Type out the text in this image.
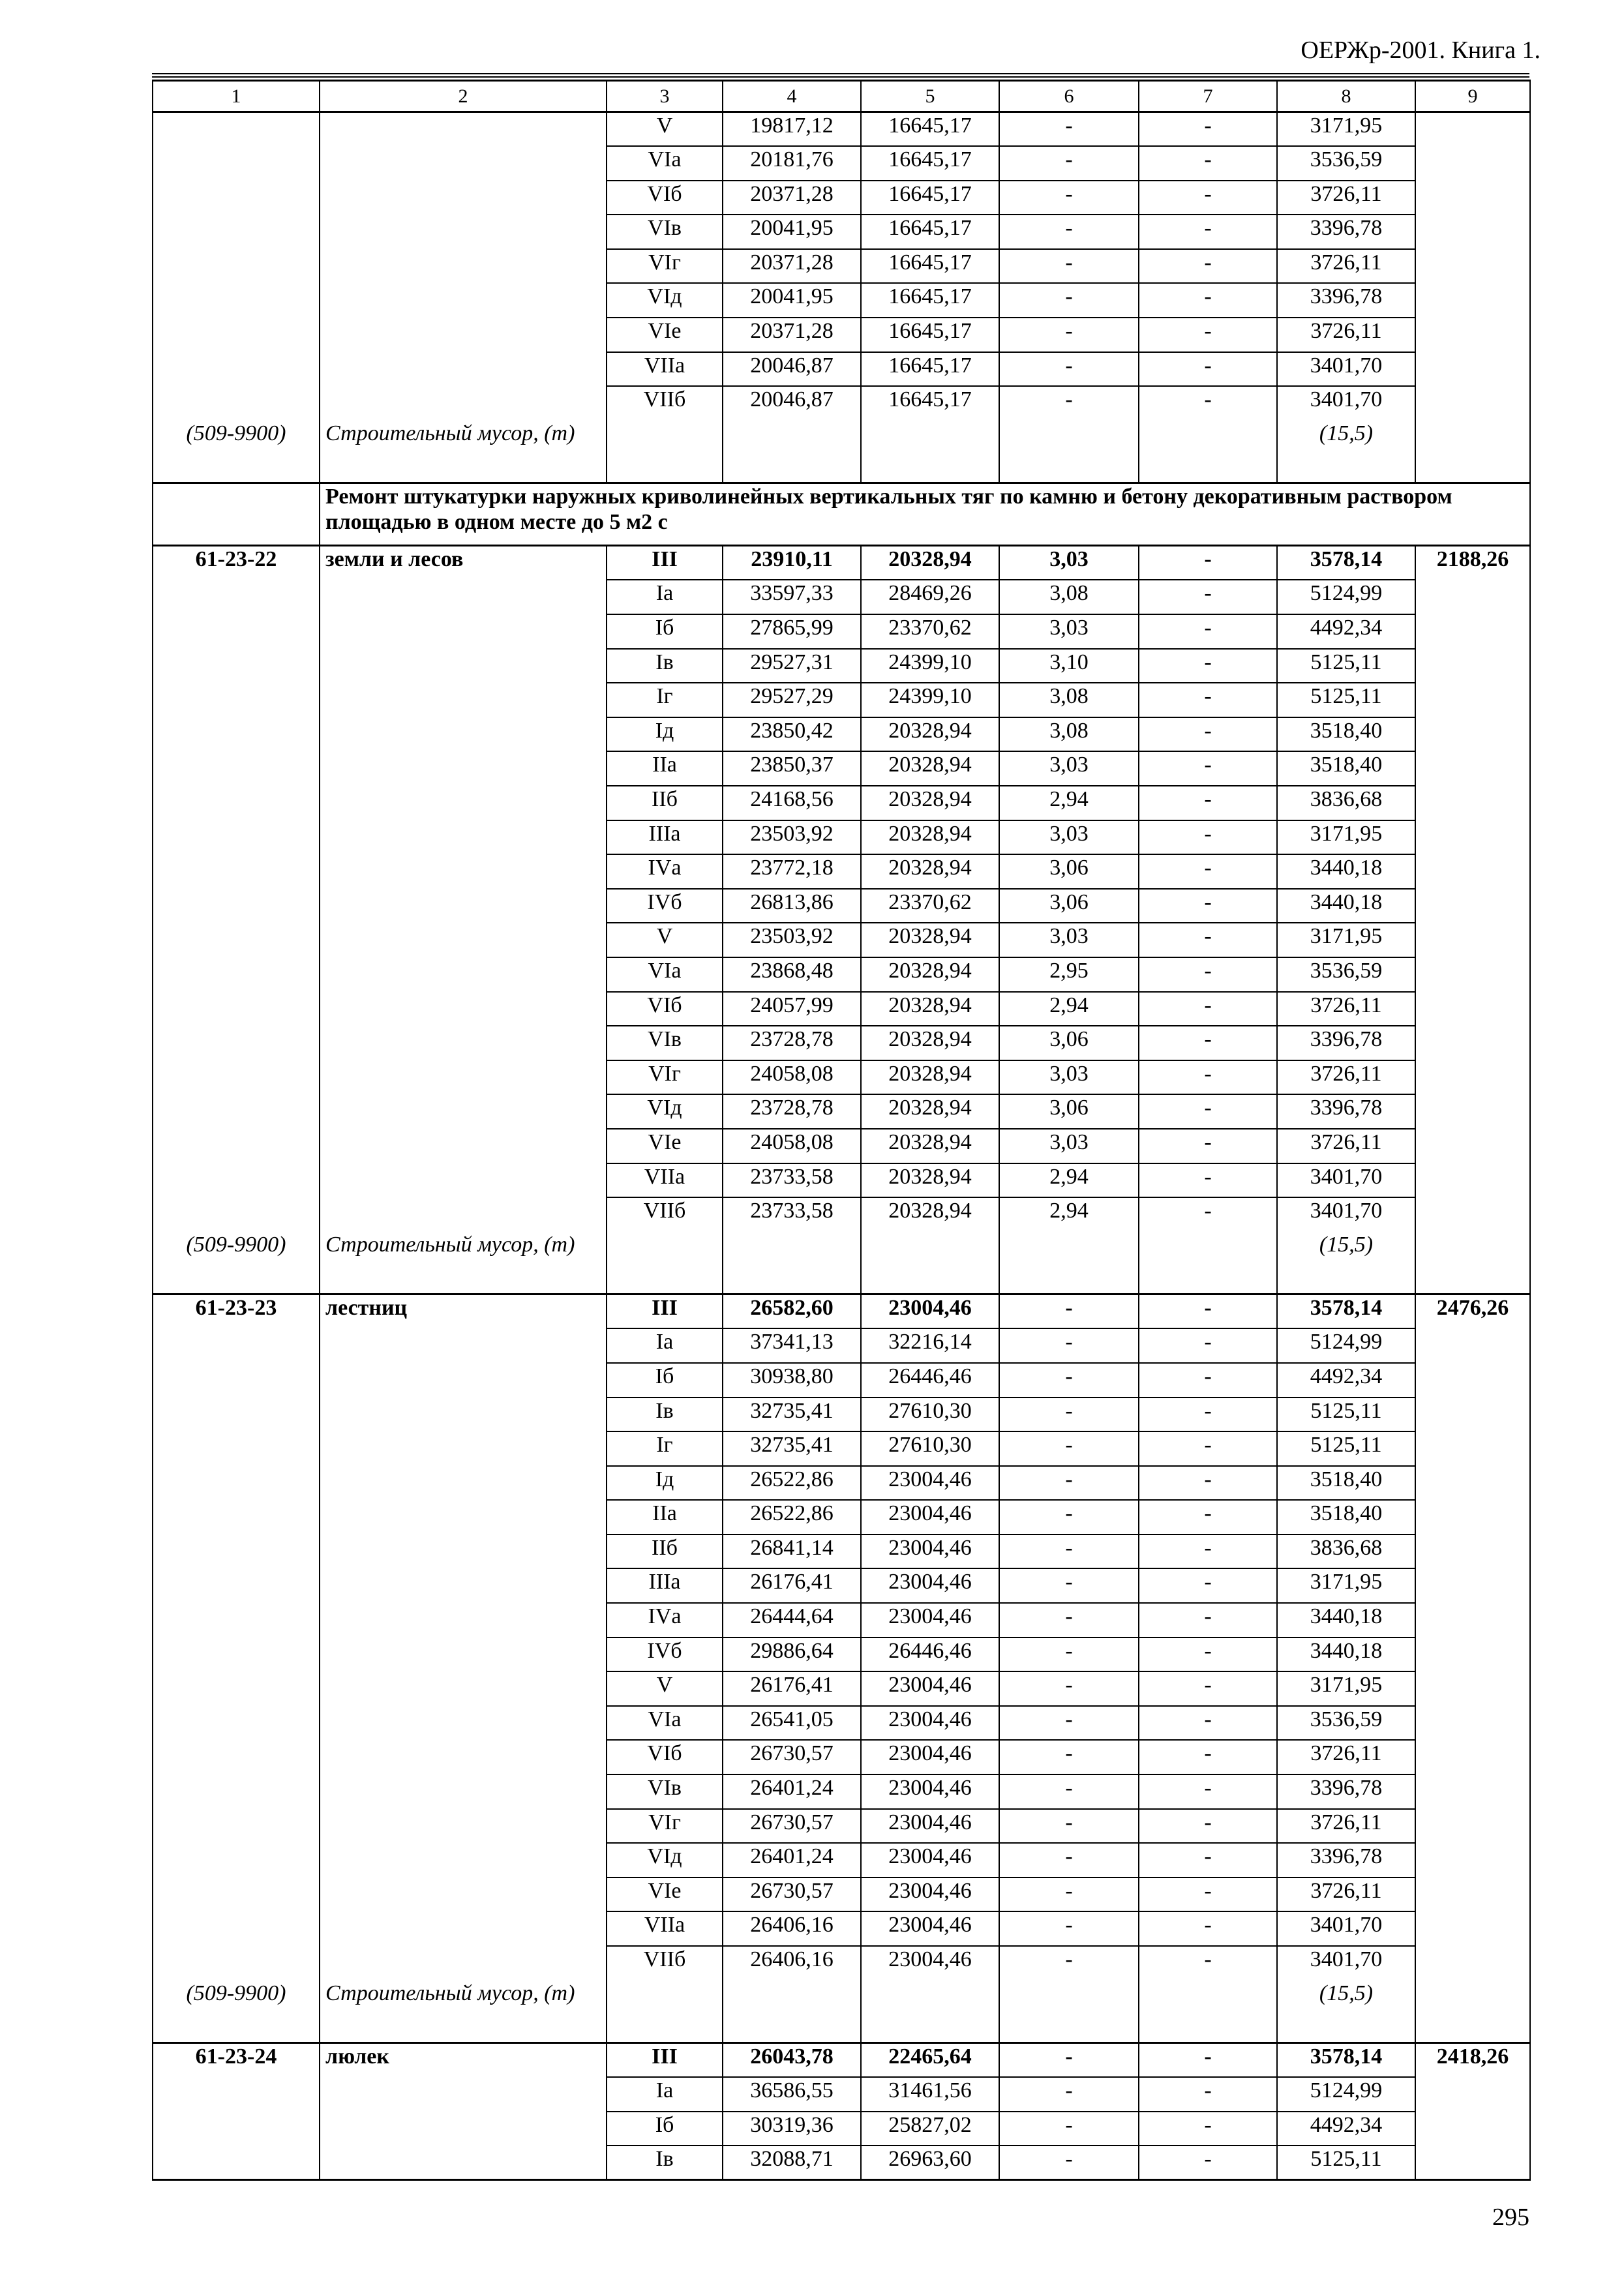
ОЕРЖр-2001. Книга 1.
1	2	3	4	5	6	7	8	9
		V	19817,12	16645,17	-	-	3171,95	
		VIа	20181,76	16645,17	-	-	3536,59	
		VIб	20371,28	16645,17	-	-	3726,11	
		VIв	20041,95	16645,17	-	-	3396,78	
		VIг	20371,28	16645,17	-	-	3726,11	
		VIд	20041,95	16645,17	-	-	3396,78	
		VIе	20371,28	16645,17	-	-	3726,11	
		VIIа	20046,87	16645,17	-	-	3401,70	
		VIIб	20046,87	16645,17	-	-	3401,70	
(509-9900)	Строительный мусор, (т)						(15,5)	
	Ремонт штукатурки наружных криволинейных вертикальных тяг по камню и бетону декоративным раствором площадью в одном месте до 5 м2 с							
61-23-22	земли и лесов	III	23910,11	20328,94	3,03	-	3578,14	2188,26
		Iа	33597,33	28469,26	3,08	-	5124,99	
		Iб	27865,99	23370,62	3,03	-	4492,34	
		Iв	29527,31	24399,10	3,10	-	5125,11	
		Iг	29527,29	24399,10	3,08	-	5125,11	
		Iд	23850,42	20328,94	3,08	-	3518,40	
		IIа	23850,37	20328,94	3,03	-	3518,40	
		IIб	24168,56	20328,94	2,94	-	3836,68	
		IIIа	23503,92	20328,94	3,03	-	3171,95	
		IVа	23772,18	20328,94	3,06	-	3440,18	
		IVб	26813,86	23370,62	3,06	-	3440,18	
		V	23503,92	20328,94	3,03	-	3171,95	
		VIа	23868,48	20328,94	2,95	-	3536,59	
		VIб	24057,99	20328,94	2,94	-	3726,11	
		VIв	23728,78	20328,94	3,06	-	3396,78	
		VIг	24058,08	20328,94	3,03	-	3726,11	
		VIд	23728,78	20328,94	3,06	-	3396,78	
		VIе	24058,08	20328,94	3,03	-	3726,11	
		VIIа	23733,58	20328,94	2,94	-	3401,70	
		VIIб	23733,58	20328,94	2,94	-	3401,70	
(509-9900)	Строительный мусор, (т)						(15,5)	
61-23-23	лестниц	III	26582,60	23004,46	-	-	3578,14	2476,26
		Iа	37341,13	32216,14	-	-	5124,99	
		Iб	30938,80	26446,46	-	-	4492,34	
		Iв	32735,41	27610,30	-	-	5125,11	
		Iг	32735,41	27610,30	-	-	5125,11	
		Iд	26522,86	23004,46	-	-	3518,40	
		IIа	26522,86	23004,46	-	-	3518,40	
		IIб	26841,14	23004,46	-	-	3836,68	
		IIIа	26176,41	23004,46	-	-	3171,95	
		IVа	26444,64	23004,46	-	-	3440,18	
		IVб	29886,64	26446,46	-	-	3440,18	
		V	26176,41	23004,46	-	-	3171,95	
		VIа	26541,05	23004,46	-	-	3536,59	
		VIб	26730,57	23004,46	-	-	3726,11	
		VIв	26401,24	23004,46	-	-	3396,78	
		VIг	26730,57	23004,46	-	-	3726,11	
		VIд	26401,24	23004,46	-	-	3396,78	
		VIе	26730,57	23004,46	-	-	3726,11	
		VIIа	26406,16	23004,46	-	-	3401,70	
		VIIб	26406,16	23004,46	-	-	3401,70	
(509-9900)	Строительный мусор, (т)						(15,5)	
61-23-24	люлек	III	26043,78	22465,64	-	-	3578,14	2418,26
		Iа	36586,55	31461,56	-	-	5124,99	
		Iб	30319,36	25827,02	-	-	4492,34	
		Iв	32088,71	26963,60	-	-	5125,11	
295
